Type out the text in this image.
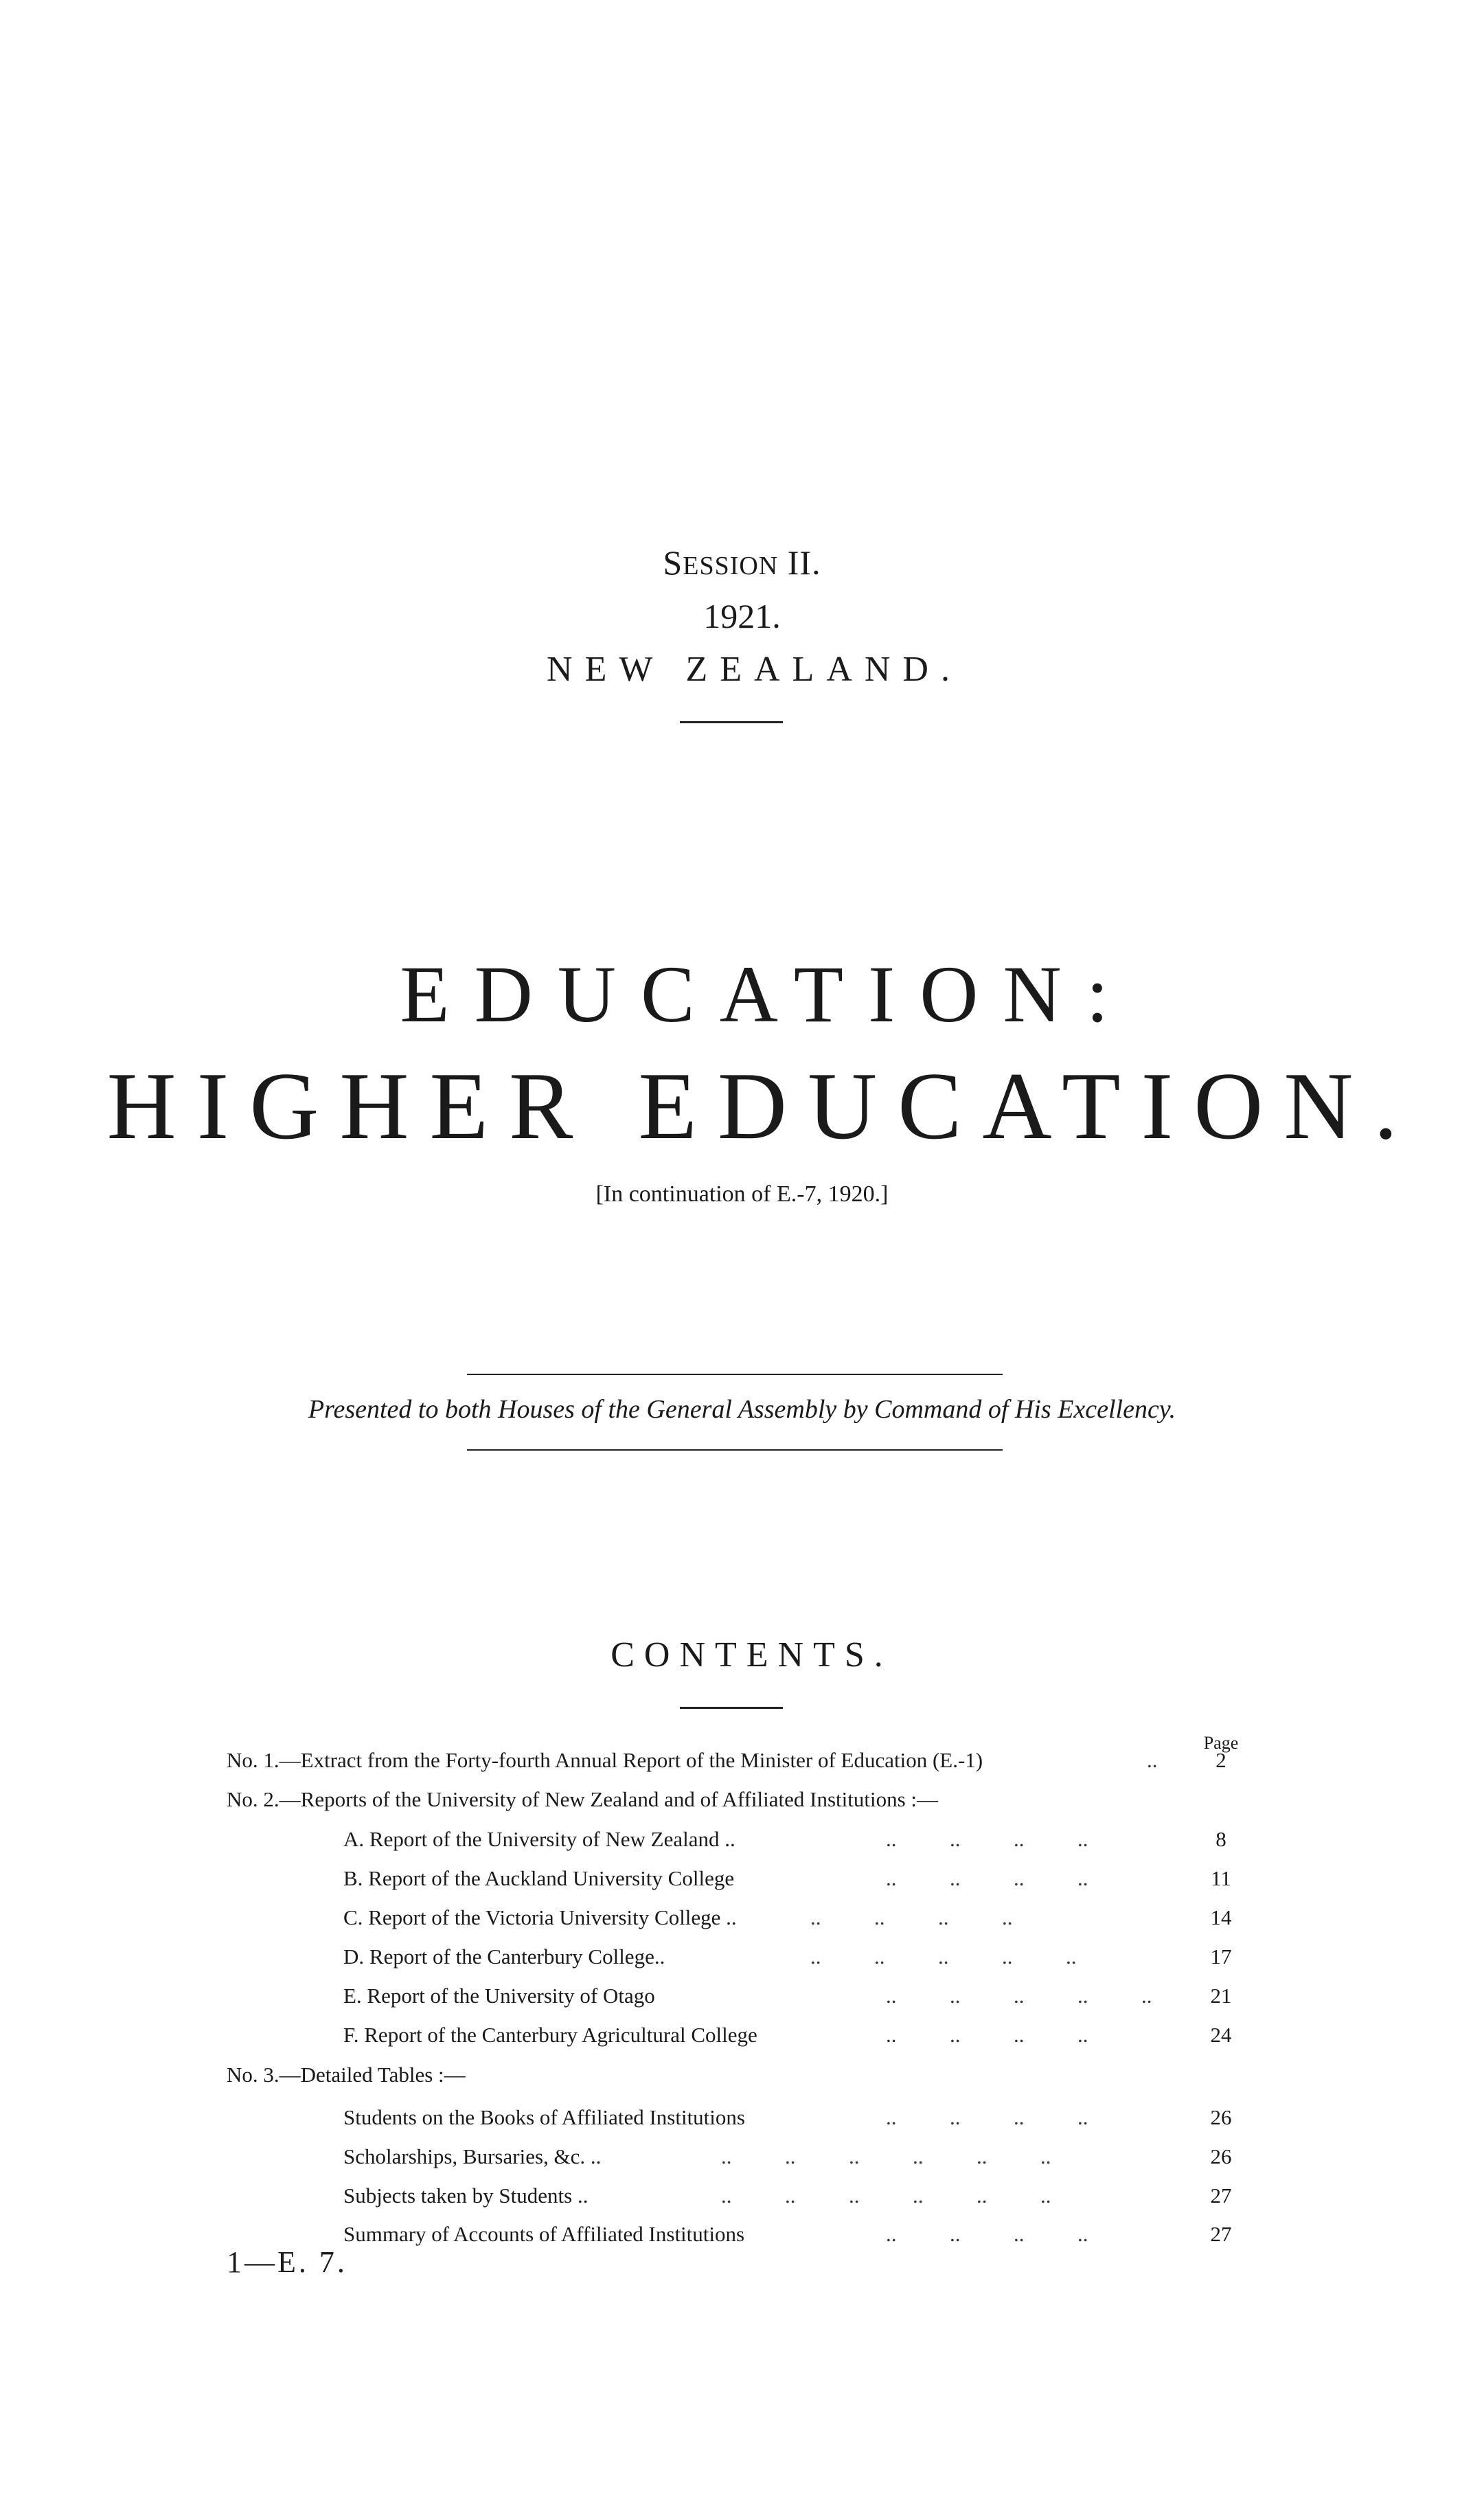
SESSION II.
1921.
NEW ZEALAND.
EDUCATION:
HIGHER EDUCATION.
[In continuation of E.-7, 1920.]
Presented to both Houses of the General Assembly by Command of His Excellency.
CONTENTS.
Page
No. 1.—Extract from the Forty-fourth Annual Report of the Minister of Education (E.-1)	..	2
No. 2.—Reports of the University of New Zealand and of Affiliated Institutions :—
A. Report of the University of New Zealand ..	..          ..          ..          ..	8
B. Report of the Auckland University College	..          ..          ..          ..	11
C. Report of the Victoria University College ..	..          ..          ..          ..	14
D. Report of the Canterbury College..	..          ..          ..          ..          ..	17
E. Report of the University of Otago	..          ..          ..          ..          ..	21
F. Report of the Canterbury Agricultural College	..          ..          ..          ..	24
No. 3.—Detailed Tables :—
Students on the Books of Affiliated Institutions	..          ..          ..          ..	26
Scholarships, Bursaries, &c. ..	..          ..          ..          ..          ..          ..	26
Subjects taken by Students ..	..          ..          ..          ..          ..          ..	27
Summary of Accounts of Affiliated Institutions	..          ..          ..          ..	27
1—E. 7.
